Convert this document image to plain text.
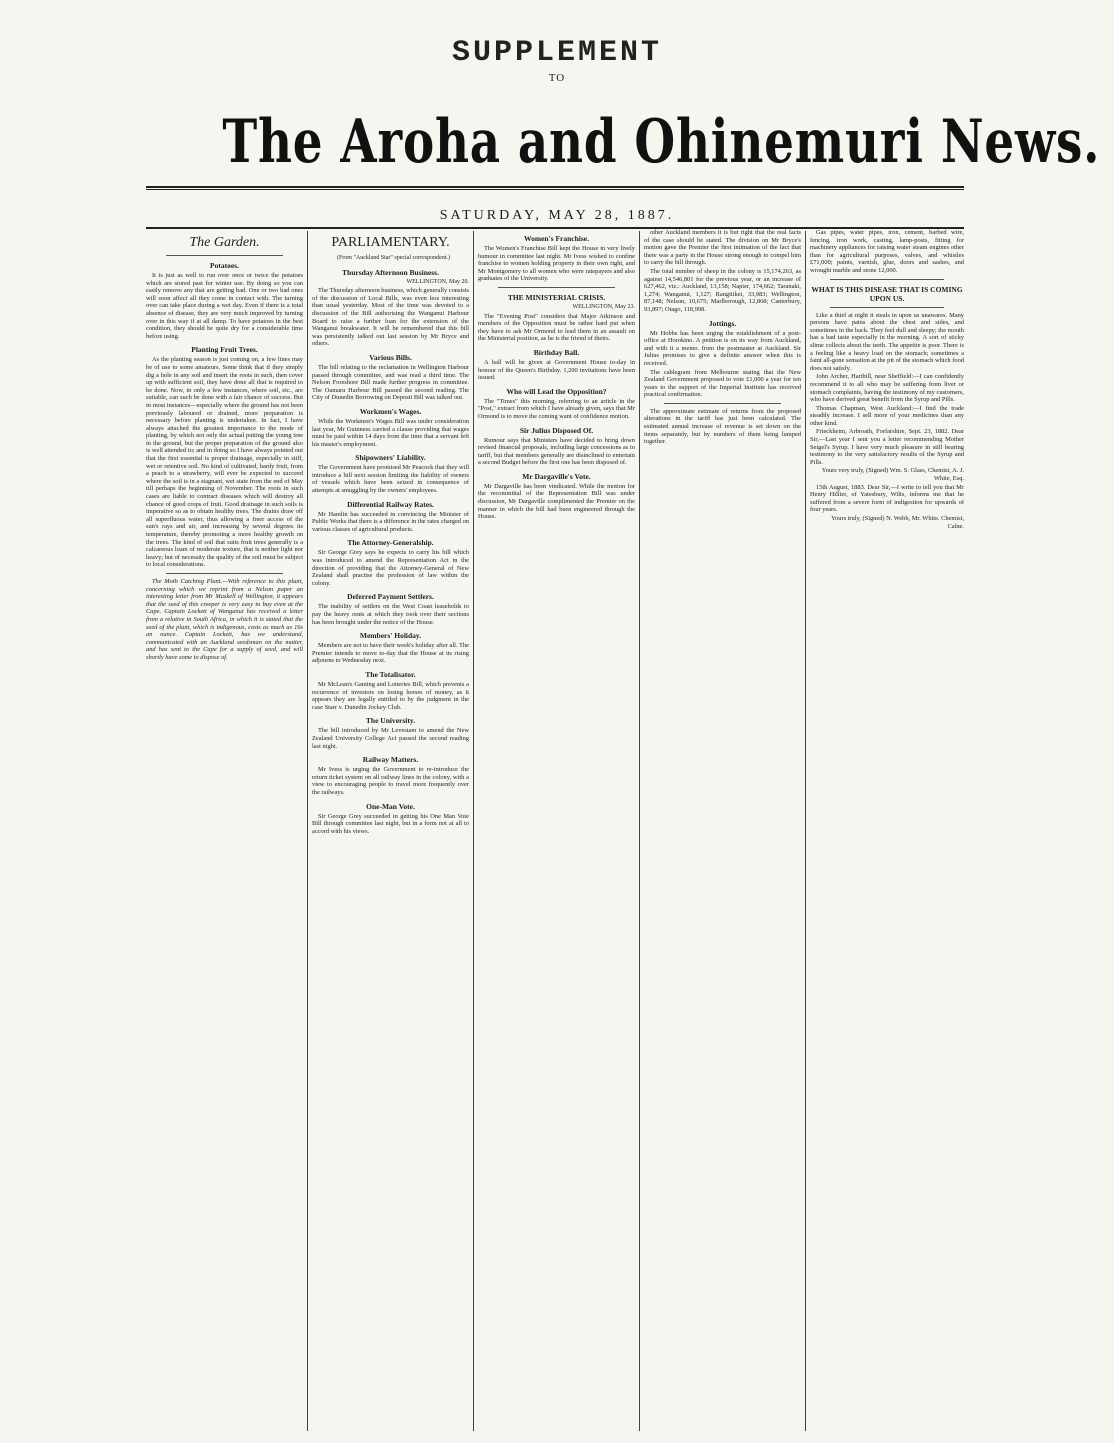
SUPPLEMENT
TO
The Aroha and Ohinemuri News.
SATURDAY, MAY 28, 1887.
The Garden.
Potatoes.

It is just as well to run over once or twice the potatoes which are stored past for winter use. By doing so you can easily remove any that are getting bad. One or two bad ones will soon affect all they come in contact with. The turning over can take place during a wet day. Even if there is a total absence of disease, they are very much improved by turning over in this way if at all damp. To have potatoes in the best condition, they should be quite dry for a considerable time before using.

Planting Fruit Trees.

As the planting season is just coming on, a few lines may be of use to some amateurs. Some think that if they simply dig a hole in any soil and insert the roots in such, then cover up with sufficient soil, they have done all that is required to be done. Now, in only a few instances, where soil, etc., are suitable, can such be done with a fair chance of success. But in most instances—especially where the ground has not been previously laboured or drained, more preparation is necessary before planting is undertaken. In fact, I have always attached the greatest importance to the mode of planting, by which not only the actual putting the young tree in the ground, but the proper preparation of the ground also is well attended to; and in doing so I have always pointed out that the first essential is proper drainage, especially in stiff, wet or retentive soil. No kind of cultivated, hardy fruit, from a peach to a strawberry, will ever be expected to succeed where the soil is in a stagnant, wet state from the end of May till perhaps the beginning of November. The roots in such cases are liable to contract diseases which will destroy all chance of good crops of fruit. Good drainage in such soils is imperative so as to obtain healthy trees. The drains draw off all superfluous water, thus allowing a freer access of the sun's rays and air, and increasing by several degrees its temperature, thereby promoting a more healthy growth on the trees. The kind of soil that suits fruit trees generally is a calcareous loam of moderate texture, that is neither light nor heavy; but of necessity the quality of the soil must be subject to local considerations.

The Moth Catching Plant.—With reference to this plant, concerning which we reprint from a Nelson paper an interesting letter from Mr Maskell of Wellington, it appears that the seed of this creeper is very easy to buy even at the Cape. Captain Lockett of Wanganui has received a letter from a relative in South Africa, in which it is stated that the seed of the plant, which is indigenous, costs as much as 16s an ounce. Captain Lockett, has we understand, communicated with an Auckland seedsman on the matter, and has sent to the Cape for a supply of seed, and will shortly have some to dispose of.

PARLIAMENTARY.

(From "Auckland Star" special correspondent.)

Thursday Afternoon Business.

WELLINGTON, May 20.

The Thursday afternoon business, which generally consists of the discussion of Local Bills, was even less interesting than usual yesterday. Most of the time was devoted to a discussion of the Bill authorising the Wanganui Harbour Board to raise a further loan for the extension of the Wanganui breakwater. It will be remembered that this bill was persistently talked out last session by Mr Bryce and others.

Various Bills.

The bill relating to the reclamation in Wellington Harbour passed through committee, and was read a third time. The Nelson Foreshore Bill made further progress in committee. The Oamaru Harbour Bill passed the second reading. The City of Dunedin Borrowing on Deposit Bill was talked out.

Workmen's Wages.

While the Workmen's Wages Bill was under consideration last year, Mr Guinness carried a clause providing that wages must be paid within 14 days from the time that a servant left his master's employment.

Shipowners' Liability.

The Government have promised Mr Peacock that they will introduce a bill next session limiting the liability of owners of vessels which have been seized in consequence of attempts at smuggling by the owners' employees.

Differential Railway Rates.

Mr Hamlin has succeeded in convincing the Minister of Public Works that there is a difference in the rates charged on various classes of agricultural products.

The Attorney-Generalship.

Sir George Grey says he expects to carry his bill which was introduced to amend the Representation Act in the direction of providing that the Attorney-General of New Zealand shall practise the profession of law within the colony.

Deferred Payment Settlers.

The inability of settlers on the West Coast leaseholds to pay the heavy rents at which they took over their sections has been brought under the notice of the House.

Members' Holiday.

Members are not to have their week's holiday after all. The Premier intends to move to-day that the House at its rising adjourns to Wednesday next.

The Totalisator.

Mr McLean's Gaming and Lotteries Bill, which prevents a recurrence of investors on losing horses of money, as it appears they are legally entitled to by the judgment in the case Starr v. Dunedin Jockey Club.

The University.

The bill introduced by Mr Levestam to amend the New Zealand University College Act passed the second reading last night.

Railway Matters.

Mr Ivess is urging the Government to re-introduce the return ticket system on all railway lines in the colony, with a view to encouraging people to travel more frequently over the railways.

One-Man Vote.

Sir George Grey succeeded in getting his One Man Vote Bill through committee last night, but in a form not at all to accord with his views.

Women's Franchise.

The Women's Franchise Bill kept the House in very lively humour in committee last night. Mr Ivess wished to confine franchise to women holding property in their own right, and Mr Montgomery to all women who were ratepayers and also graduates of the University.

THE MINISTERIAL CRISIS.

WELLINGTON, May 23.

The "Evening Post" considers that Major Atkinson and members of the Opposition must be rather hard put when they have to ask Mr Ormond to lead them in an assault on the Ministerial position, as he is the friend of theirs.

Birthday Ball.

A ball will be given at Government House to-day in honour of the Queen's Birthday. 1,200 invitations have been issued.

Who will Lead the Opposition?

The "Times" this morning, referring to an article in the "Post," extract from which I have already given, says that Mr Ormond is to move the coming want of confidence motion.

Sir Julius Disposed Of.

Rumour says that Ministers have decided to bring down revised financial proposals, including large concessions as to tariff, but that members generally are disinclined to entertain a second Budget before the first one has been disposed of.

Mr Dargaville's Vote.

Mr Dargaville has been vindicated. While the motion for the recommittal of the Representation Bill was under discussion, Mr Dargaville complimented the Premier on the manner in which the bill had been engineered through the House.

other Auckland members it is but right that the real facts of the case should be stated. The division on Mr Bryce's motion gave the Premier the first intimation of the fact that there was a party in the House strong enough to compel him to carry the bill through.

The total number of sheep in the colony is 15,174,263, as against 14,546,801 for the previous year, or an increase of 627,462, viz.: Auckland, 13,158; Napier, 174,662; Taranaki, 1,274; Wanganui, 1,127; Rangitikei, 33,983; Wellington, 87,148; Nelson, 10,675; Marlborough, 12,868; Canterbury, 93,897; Otago, 118,998.

Jottings.

Mr Hobbs has been urging the establishment of a post-office at Horokino. A petition is on its way from Auckland, and with it a memo. from the postmaster at Auckland. Sir Julius promises to give a definite answer when this is received.

The cablegram from Melbourne stating that the New Zealand Government proposed to vote £1,000 a year for ten years to the support of the Imperial Institute has received practical confirmation.

The approximate estimate of returns from the proposed alterations in the tariff has just been calculated. The estimated annual increase of revenue is set down on the items separately, but by numbers of them being lumped together.

Gas pipes, water pipes, iron, cement, barbed wire, fencing, iron work, casting, lamp-posts, fitting for machinery appliances for raising water steam engines other than for agricultural purposes, valves, and whistles £71,000; paints, varnish, glue, doors and sashes, and wrought marble and stone 12,000.

WHAT IS THIS DISEASE THAT IS COMING UPON US.

Like a thief at night it steals in upon us unawares. Many persons have pains about the chest and sides, and sometimes in the back. They feel dull and sleepy; the mouth has a bad taste especially in the morning. A sort of sticky slime collects about the teeth. The appetite is poor. There is a feeling like a heavy load on the stomach; sometimes a faint all-gone sensation at the pit of the stomach which food does not satisfy.

John Archer, Hartbill, near Sheffield:—I can confidently recommend it to all who may be suffering from liver or stomach complaints, having the testimony of my customers, who have derived great benefit from the Syrup and Pills.

Thomas Chapman, West Auckland:—I find the trade steadily increase. I sell more of your medicines than any other kind.

Frieckheim, Arbroath, Forfarshire, Sept. 23, 1882. Dear Sir,—Last year I sent you a letter recommending Mother Seigel's Syrup. I have very much pleasure in still bearing testimony to the very satisfactory results of the Syrup and Pills.

Yours very truly, (Signed) Wm. S. Glass, Chemist, A. J. White, Esq.

15th August, 1883. Dear Sir,—I write to tell you that Mr Henry Hillier, of Yatesbury, Wilts, informs me that he suffered from a severe form of indigestion for upwards of four years.

Yours truly, (Signed) N. Webb, Mr. White. Chemist, Calne.
